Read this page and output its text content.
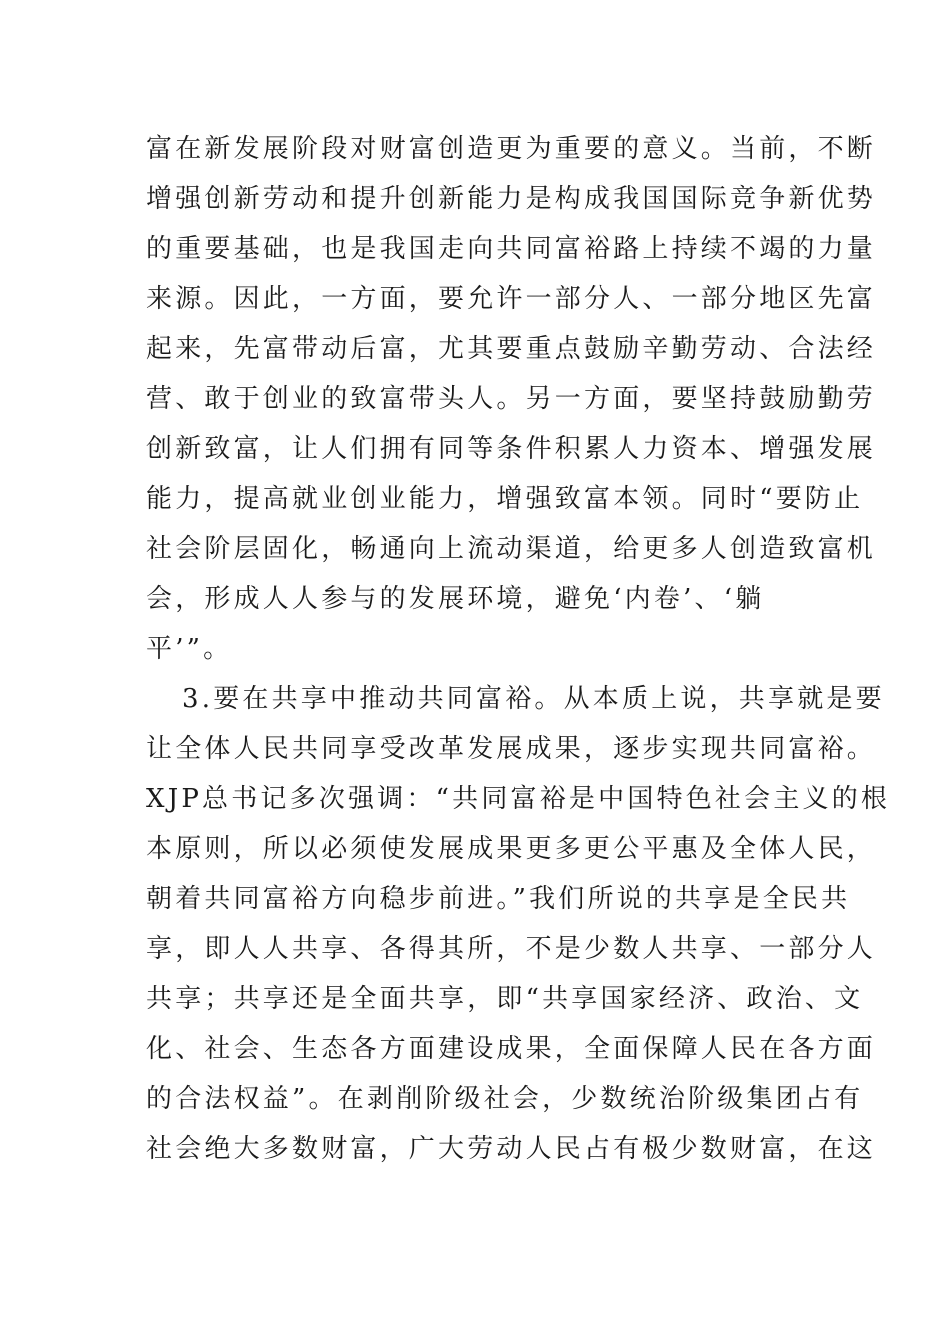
富在新发展阶段对财富创造更为重要的意义。当前，不断
增强创新劳动和提升创新能力是构成我国国际竞争新优势
的重要基础，也是我国走向共同富裕路上持续不竭的力量
来源。因此，一方面，要允许一部分人、一部分地区先富
起来，先富带动后富，尤其要重点鼓励辛勤劳动、合法经
营、敢于创业的致富带头人。另一方面，要坚持鼓励勤劳
创新致富，让人们拥有同等条件积累人力资本、增强发展
能力，提高就业创业能力，增强致富本领。同时“要防止
社会阶层固化，畅通向上流动渠道，给更多人创造致富机
会，形成人人参与的发展环境，避免‘内卷’、‘躺
平’”。
3.要在共享中推动共同富裕。从本质上说，共享就是要
让全体人民共同享受改革发展成果，逐步实现共同富裕。
XJP总书记多次强调：“共同富裕是中国特色社会主义的根
本原则，所以必须使发展成果更多更公平惠及全体人民，
朝着共同富裕方向稳步前进。”我们所说的共享是全民共
享，即人人共享、各得其所，不是少数人共享、一部分人
共享；共享还是全面共享，即“共享国家经济、政治、文
化、社会、生态各方面建设成果，全面保障人民在各方面
的合法权益”。在剥削阶级社会，少数统治阶级集团占有
社会绝大多数财富，广大劳动人民占有极少数财富，在这
